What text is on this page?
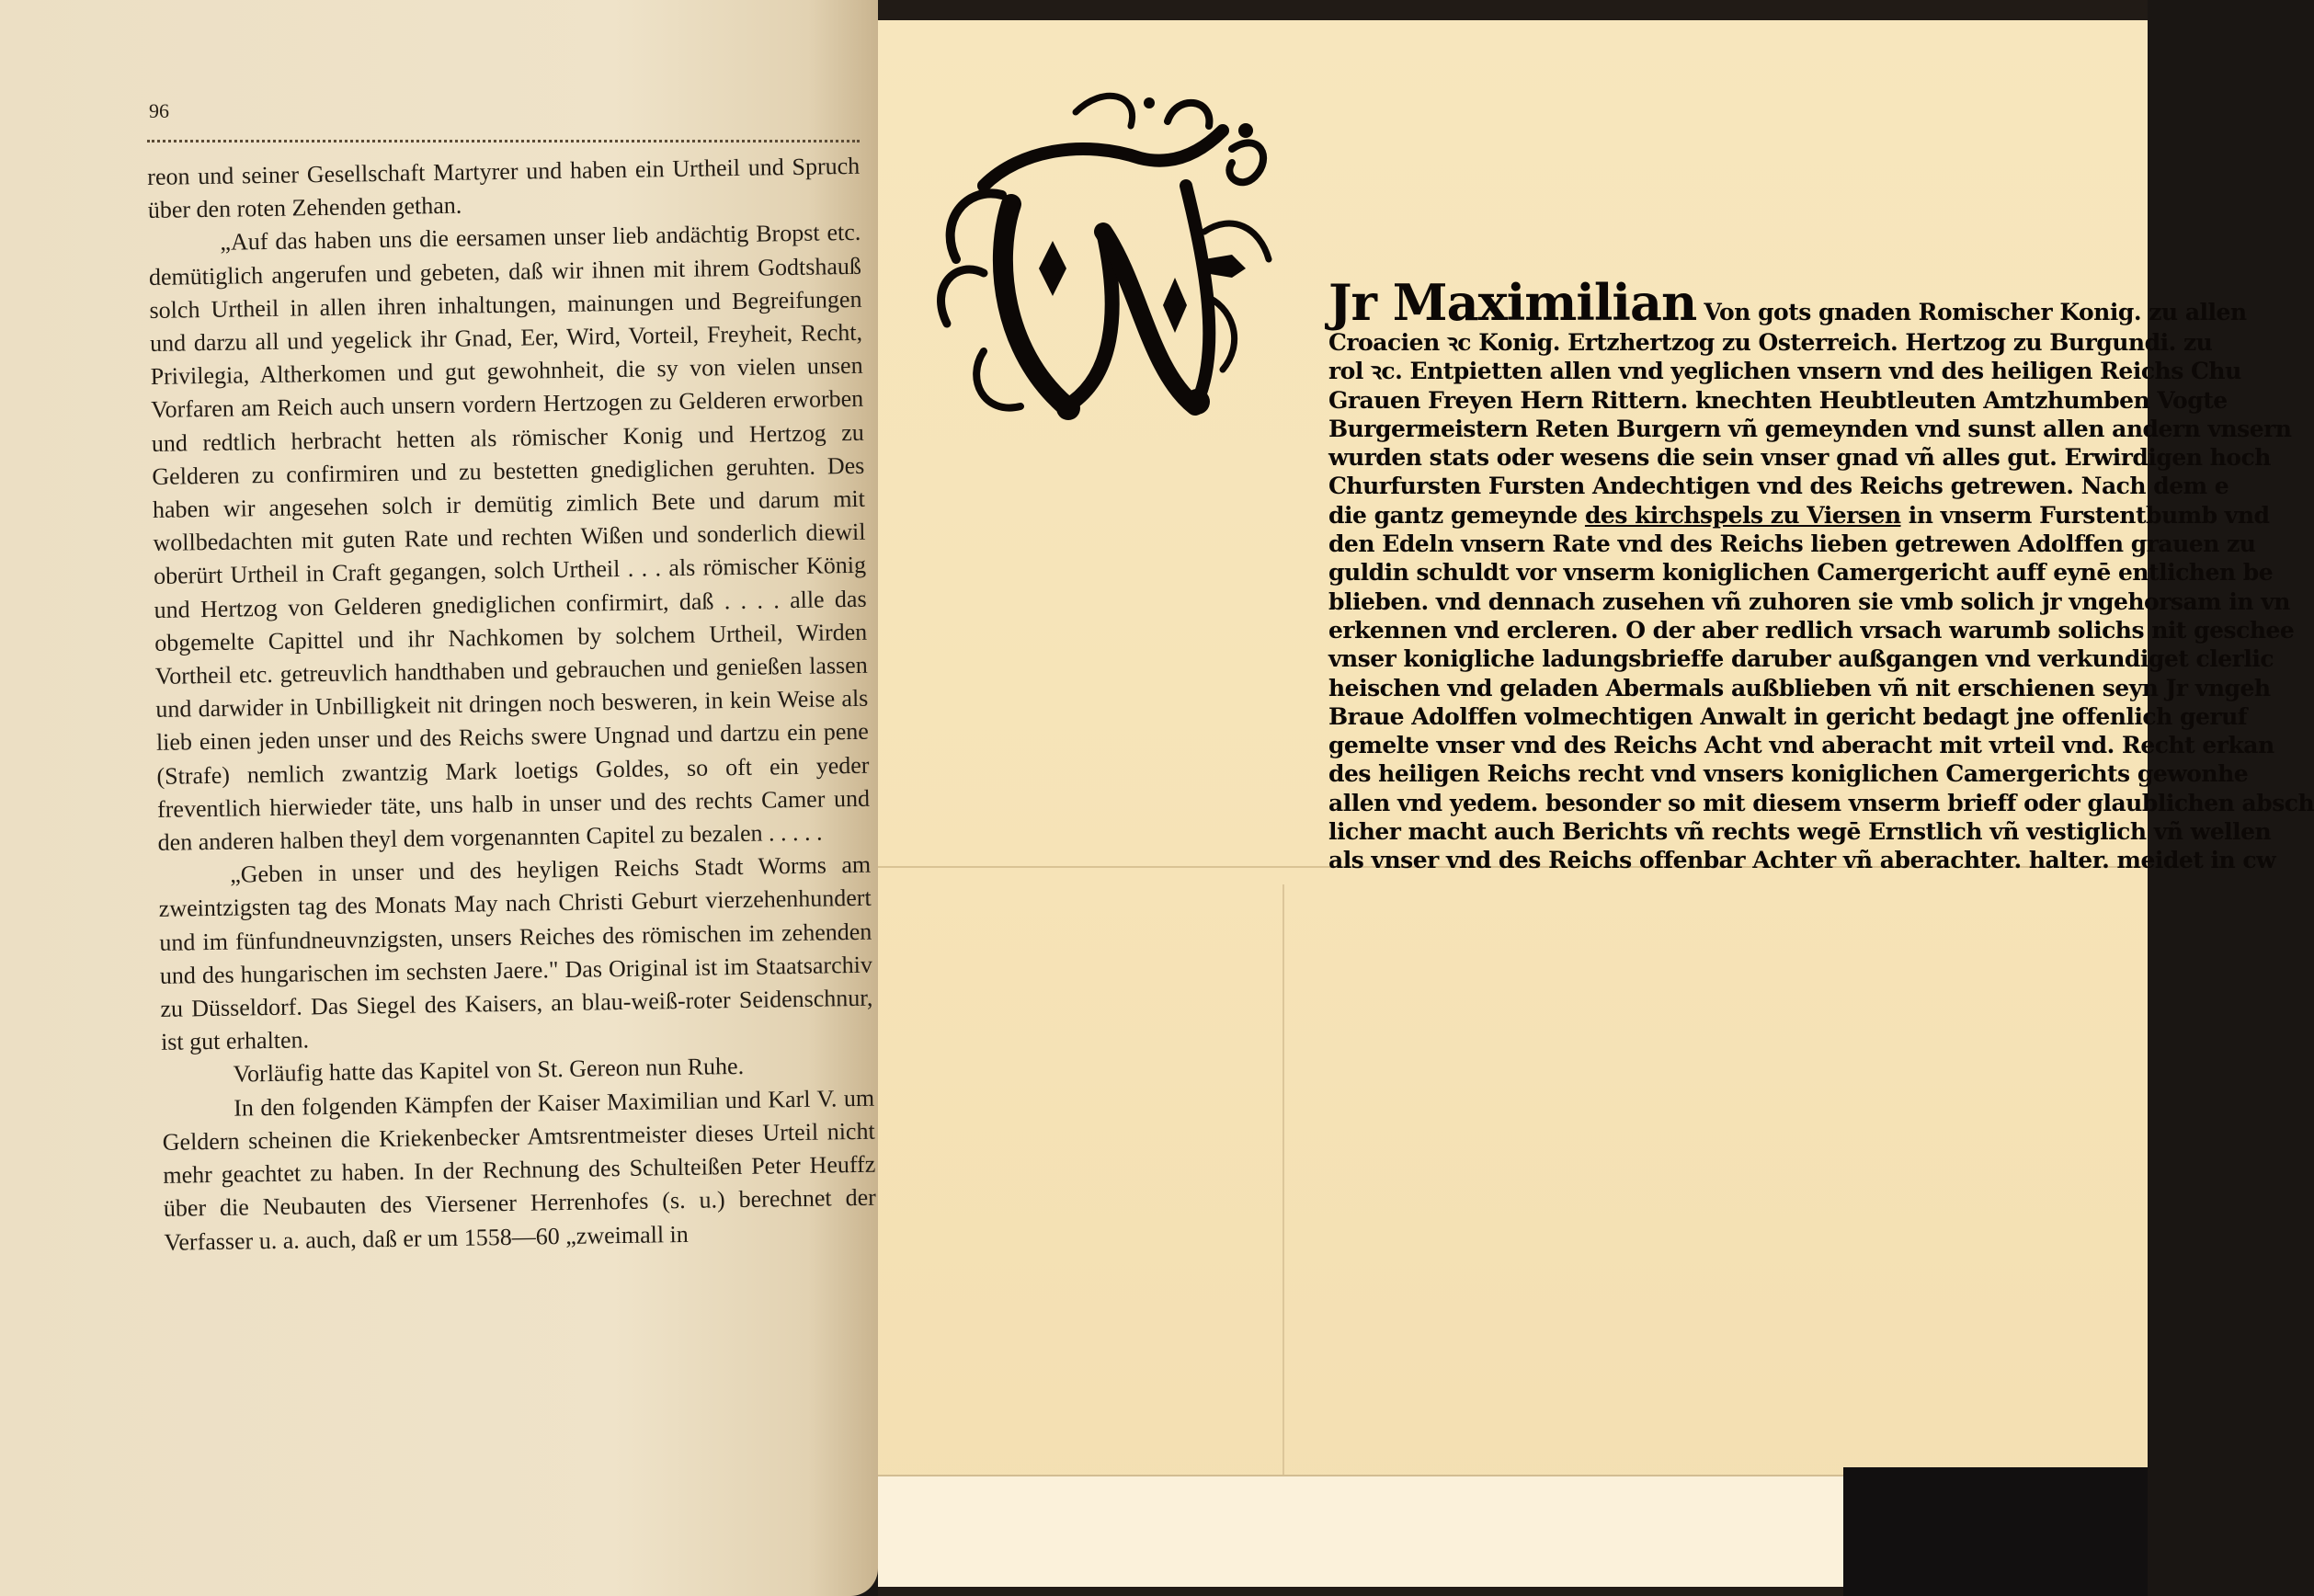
96

reon und seiner Gesellschaft Martyrer und haben ein Urtheil und Spruch über den roten Zehenden gethan.

„Auf das haben uns die eersamen unser lieb andächtig Bropst etc. demütiglich angerufen und gebeten, daß wir ihnen mit ihrem Godtshauß solch Urtheil in allen ihren inhaltungen, mainungen und Begreifungen und darzu all und yegelick ihr Gnad, Eer, Wird, Vorteil, Freyheit, Recht, Privilegia, Altherkomen und gut gewohnheit, die sy von vielen unsen Vorfaren am Reich auch unsern vordern Hertzogen zu Gelderen erworben und redtlich herbracht hetten als römischer Konig und Hertzog zu Gelderen zu confirmiren und zu bestetten gnediglichen geruhten. Des haben wir angesehen solch ir demütig zimlich Bete und darum mit wollbedachten mit guten Rate und rechten Wißen und sonderlich diewil oberürt Urtheil in Craft gegangen, solch Urtheil . . . als römischer König und Hertzog von Gelderen gnediglichen confirmirt, daß . . . . alle das obgemelte Capittel und ihr Nachkomen by solchem Urtheil, Wirden Vortheil etc. getreuvlich handthaben und gebrauchen und genießen lassen und darwider in Unbilligkeit nit dringen noch besweren, in kein Weise als lieb einen jeden unser und des Reichs swere Ungnad und dartzu ein pene (Strafe) nemlich zwantzig Mark loetigs Goldes, so oft ein yeder freventlich hierwieder täte, uns halb in unser und des rechts Camer und den anderen halben theyl dem vorgenannten Capitel zu bezalen . . . . .

„Geben in unser und des heyligen Reichs Stadt Worms am zweintzigsten tag des Monats May nach Christi Geburt vierzehenhundert und im fünfundneuvnzigsten, unsers Reiches des römischen im zehenden und des hungarischen im sechsten Jaere." Das Original ist im Staatsarchiv zu Düsseldorf. Das Siegel des Kaisers, an blau-weiß-roter Seidenschnur, ist gut erhalten.

Vorläufig hatte das Kapitel von St. Gereon nun Ruhe.

In den folgenden Kämpfen der Kaiser Maximilian und Karl V. um Geldern scheinen die Kriekenbecker Amtsrentmeister dieses Urteil nicht mehr geachtet zu haben. In der Rechnung des Schulteißen Peter Heuffz über die Neubauten des Viersener Herrenhofes (s. u.) berechnet der Verfasser u. a. auch, daß er um 1558—60 „zweimall in

Jr Maximilian Von gots gnaden Romischer Konig. zu allen
Croacien ꝛc Konig. Ertzhertzog zu Osterreich. Hertzog zu Burgundi. zu
rol ꝛc. Entpietten allen vnd yeglichen vnsern vnd des heiligen Reichs Chu
Grauen Freyen Hern Rittern. knechten Heubtleuten Amtzhumben Vogte
Burgermeistern Reten Burgern vñ gemeynden vnd sunst allen andern vnsern
wurden stats oder wesens die sein vnser gnad vñ alles gut. Erwirdigen hoch
Churfursten Fursten Andechtigen vnd des Reichs getrewen. Nach dem e
die gantz gemeynde des kirchspels zu Viersen in vnserm Furstentbumb vnd
den Edeln vnsern Rate vnd des Reichs lieben getrewen Adolffen grauen zu
guldin schuldt vor vnserm koniglichen Camergericht auff eynē entlichen be
blieben. vnd dennach zusehen vñ zuhoren sie vmb solich jr vngehorsam in vn
erkennen vnd ercleren. O der aber redlich vrsach warumb solichs nit geschee
vnser konigliche ladungsbrieffe daruber außgangen vnd verkundiget clerlic
heischen vnd geladen Abermals außblieben vñ nit erschienen seyn Jr vngeh
Braue Adolffen volmechtigen Anwalt in gericht bedagt jne offenlich geruf
gemelte vnser vnd des Reichs Acht vnd aberacht mit vrteil vnd. Recht erkan
des heiligen Reichs recht vnd vnsers koniglichen Camergerichts gewonhe
allen vnd yedem. besonder so mit diesem vnserm brieff oder glaublichen absch
licher macht auch Berichts vñ rechts wegē Ernstlich vñ vestiglich vñ wellen
als vnser vnd des Reichs offenbar Achter vñ aberachter. halter. meidet in cw
